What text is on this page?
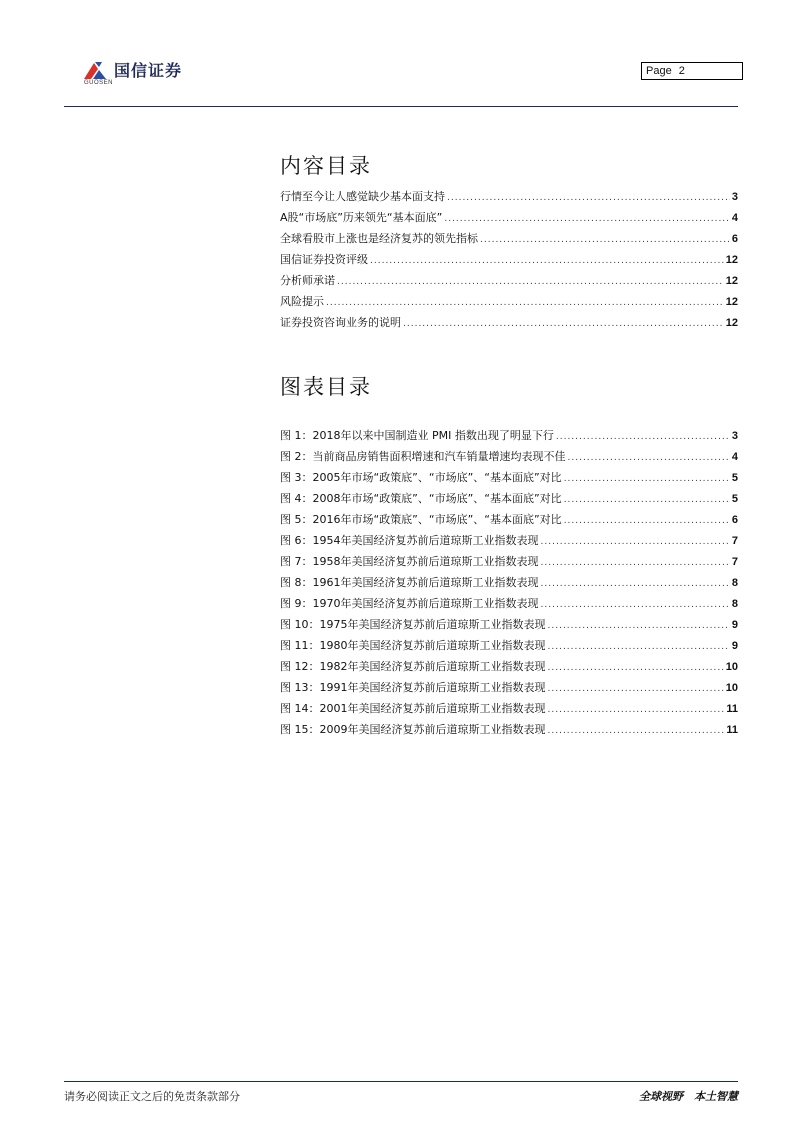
国信证券
GUOSEN
Page 2
内容目录
行情至今让人感觉缺少基本面支持 .....	3
A股“市场底”历来领先“基本面底” .....	4
全球看股市上涨也是经济复苏的领先指标 .....	6
国信证券投资评级 .....	12
分析师承诺 .....	12
风险提示 .....	12
证券投资咨询业务的说明 .....	12
图表目录
图 1：2018年以来中国制造业 PMI 指数出现了明显下行 .....	3
图 2：当前商品房销售面积增速和汽车销量增速均表现不佳 .....	4
图 3：2005年市场“政策底”、“市场底”、“基本面底”对比 .....	5
图 4：2008年市场“政策底”、“市场底”、“基本面底”对比 .....	5
图 5：2016年市场“政策底”、“市场底”、“基本面底”对比 .....	6
图 6：1954年美国经济复苏前后道琼斯工业指数表现 .....	7
图 7：1958年美国经济复苏前后道琼斯工业指数表现 .....	7
图 8：1961年美国经济复苏前后道琼斯工业指数表现 .....	8
图 9：1970年美国经济复苏前后道琼斯工业指数表现 .....	8
图 10：1975年美国经济复苏前后道琼斯工业指数表现 .....	9
图 11：1980年美国经济复苏前后道琼斯工业指数表现 .....	9
图 12：1982年美国经济复苏前后道琼斯工业指数表现 .....	10
图 13：1991年美国经济复苏前后道琼斯工业指数表现 .....	10
图 14：2001年美国经济复苏前后道琼斯工业指数表现 .....	11
图 15：2009年美国经济复苏前后道琼斯工业指数表现 .....	11
请务必阅读正文之后的免责条款部分	全球视野　本土智慧
